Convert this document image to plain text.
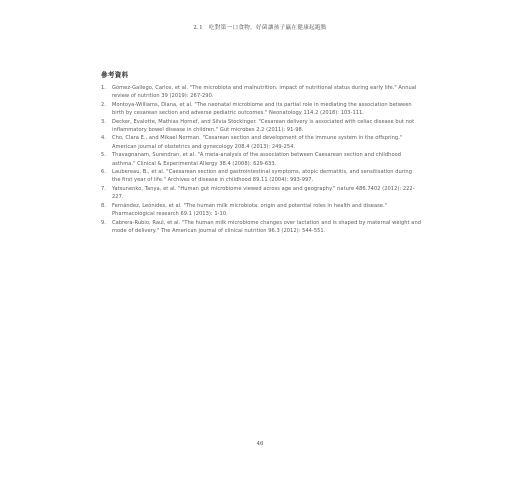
2.1　吃對第一口食物，好菌讓孩子贏在健康起跑點
參考資料
1. Gómez-Gallego, Carlos, et al. "The microbiota and malnutrition: impact of nutritional status during early life." Annual review of nutrition 39 (2019): 267-290.
2. Montoya-Williams, Diana, et al. "The neonatal microbiome and its partial role in mediating the association between birth by cesarean section and adverse pediatric outcomes." Neonatology 114.2 (2018): 103-111.
3. Decker, Evalotte, Mathias Hornef, and Silvia Stockinger. "Cesarean delivery is associated with celiac disease but not inflammatory bowel disease in children." Gut microbes 2.2 (2011): 91-98.
4. Cho, Clara E., and Mikael Norman. "Cesarean section and development of the immune system in the offspring." American journal of obstetrics and gynecology 208.4 (2013): 249-254.
5. Thavagnanam, Surendran, et al. "A meta-analysis of the association between Caesarean section and childhood asthma." Clinical & Experimental Allergy 38.4 (2008): 629-633.
6. Laubereau, B., et al. "Caesarean section and gastrointestinal symptoms, atopic dermatitis, and sensitisation during the first year of life." Archives of disease in childhood 89.11 (2004): 993-997.
7. Yatsunenko, Tanya, et al. "Human gut microbiome viewed across age and geography." nature 486.7402 (2012): 222-227.
8. Fernández, Leónides, et al. "The human milk microbiota: origin and potential roles in health and disease." Pharmacological research 69.1 (2013): 1-10.
9. Cabrera-Rubio, Raul, et al. "The human milk microbiome changes over lactation and is shaped by maternal weight and mode of delivery." The American journal of clinical nutrition 96.3 (2012): 544-551.
46
